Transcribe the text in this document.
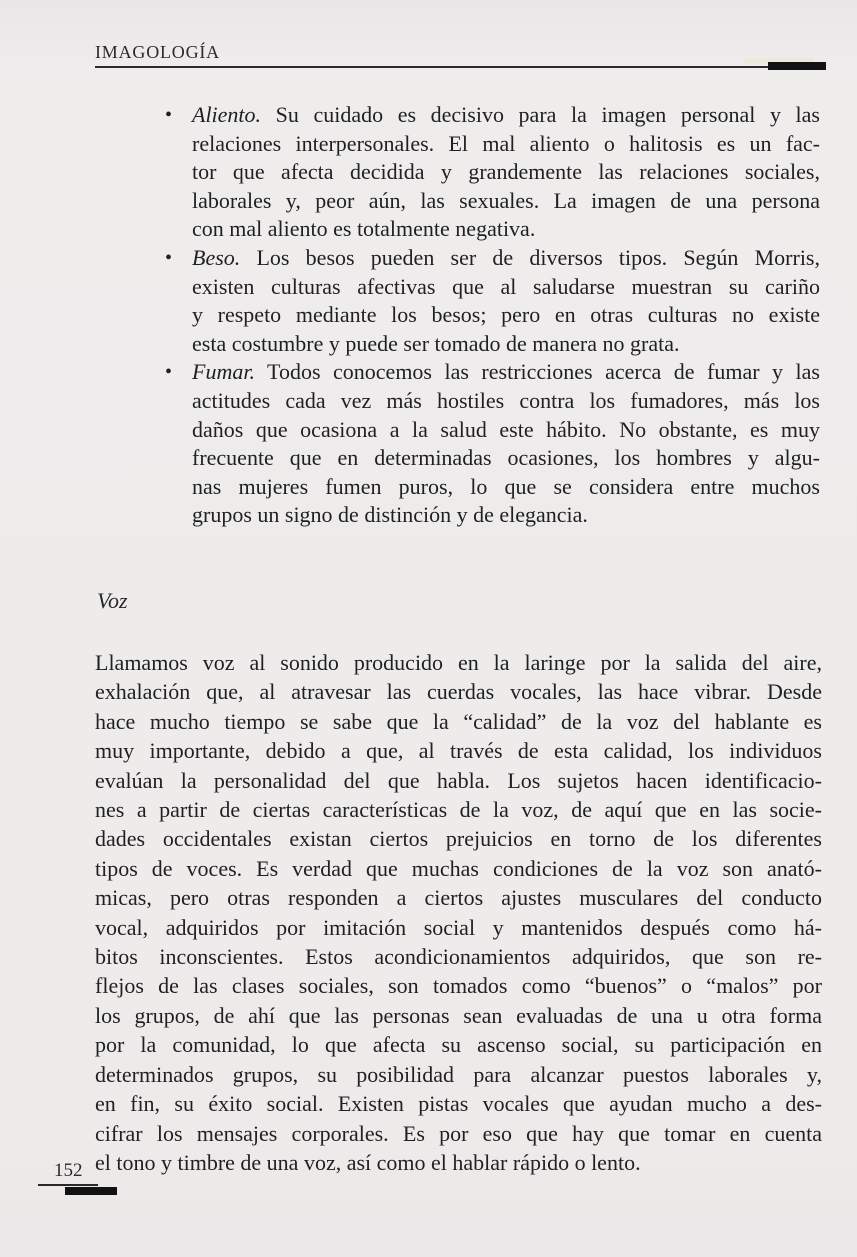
IMAGOLOGÍA
• Aliento. Su cuidado es decisivo para la imagen personal y las
relaciones interpersonales. El mal aliento o halitosis es un fac-
tor que afecta decidida y grandemente las relaciones sociales,
laborales y, peor aún, las sexuales. La imagen de una persona
con mal aliento es totalmente negativa.
• Beso. Los besos pueden ser de diversos tipos. Según Morris,
existen culturas afectivas que al saludarse muestran su cariño
y respeto mediante los besos; pero en otras culturas no existe
esta costumbre y puede ser tomado de manera no grata.
• Fumar. Todos conocemos las restricciones acerca de fumar y las
actitudes cada vez más hostiles contra los fumadores, más los
daños que ocasiona a la salud este hábito. No obstante, es muy
frecuente que en determinadas ocasiones, los hombres y algu-
nas mujeres fumen puros, lo que se considera entre muchos
grupos un signo de distinción y de elegancia.
Voz
Llamamos voz al sonido producido en la laringe por la salida del aire,
exhalación que, al atravesar las cuerdas vocales, las hace vibrar. Desde
hace mucho tiempo se sabe que la “calidad” de la voz del hablante es
muy importante, debido a que, al través de esta calidad, los individuos
evalúan la personalidad del que habla. Los sujetos hacen identificacio-
nes a partir de ciertas características de la voz, de aquí que en las socie-
dades occidentales existan ciertos prejuicios en torno de los diferentes
tipos de voces. Es verdad que muchas condiciones de la voz son anató-
micas, pero otras responden a ciertos ajustes musculares del conducto
vocal, adquiridos por imitación social y mantenidos después como há-
bitos inconscientes. Estos acondicionamientos adquiridos, que son re-
flejos de las clases sociales, son tomados como “buenos” o “malos” por
los grupos, de ahí que las personas sean evaluadas de una u otra forma
por la comunidad, lo que afecta su ascenso social, su participación en
determinados grupos, su posibilidad para alcanzar puestos laborales y,
en fin, su éxito social. Existen pistas vocales que ayudan mucho a des-
cifrar los mensajes corporales. Es por eso que hay que tomar en cuenta
el tono y timbre de una voz, así como el hablar rápido o lento.
152
